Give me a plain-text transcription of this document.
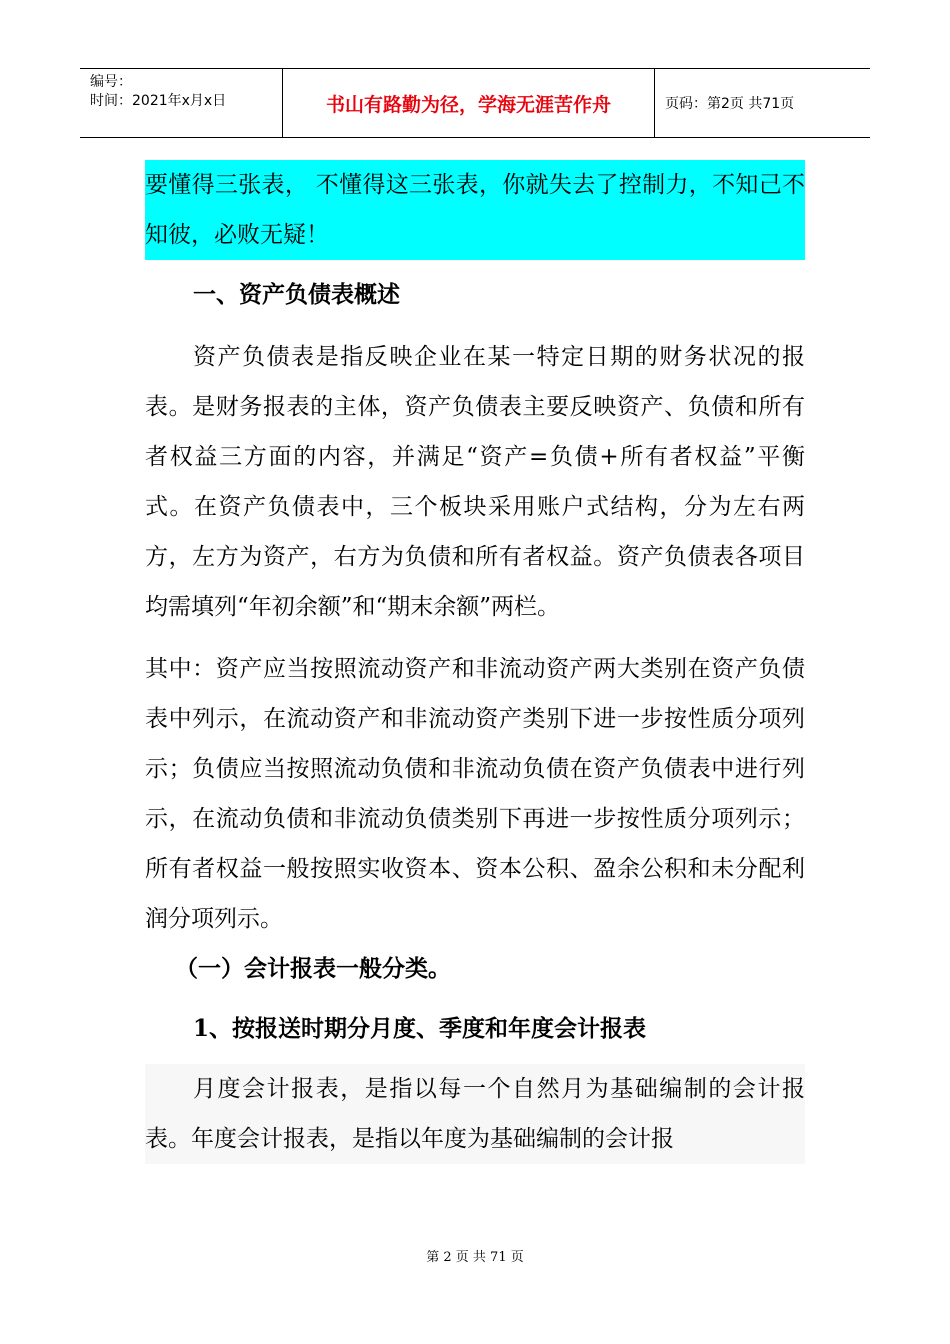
编号：
时间：2021年x月x日	书山有路勤为径，学海无涯苦作舟	页码：第2页 共71页

要懂得三张表， 不懂得这三张表，你就失去了控制力，不知己不知彼，必败无疑！

一、资产负债表概述

资产负债表是指反映企业在某一特定日期的财务状况的报表。是财务报表的主体，资产负债表主要反映资产、负债和所有者权益三方面的内容，并满足“资产=负债+所有者权益”平衡式。在资产负债表中，三个板块采用账户式结构，分为左右两方，左方为资产，右方为负债和所有者权益。资产负债表各项目均需填列“年初余额”和“期末余额”两栏。

其中：资产应当按照流动资产和非流动资产两大类别在资产负债表中列示，在流动资产和非流动资产类别下进一步按性质分项列示；负债应当按照流动负债和非流动负债在资产负债表中进行列示，在流动负债和非流动负债类别下再进一步按性质分项列示；所有者权益一般按照实收资本、资本公积、盈余公积和未分配利润分项列示。

（一）会计报表一般分类。

1、按报送时期分月度、季度和年度会计报表

月度会计报表，是指以每一个自然月为基础编制的会计报表。年度会计报表，是指以年度为基础编制的会计报

第 2 页 共 71 页
